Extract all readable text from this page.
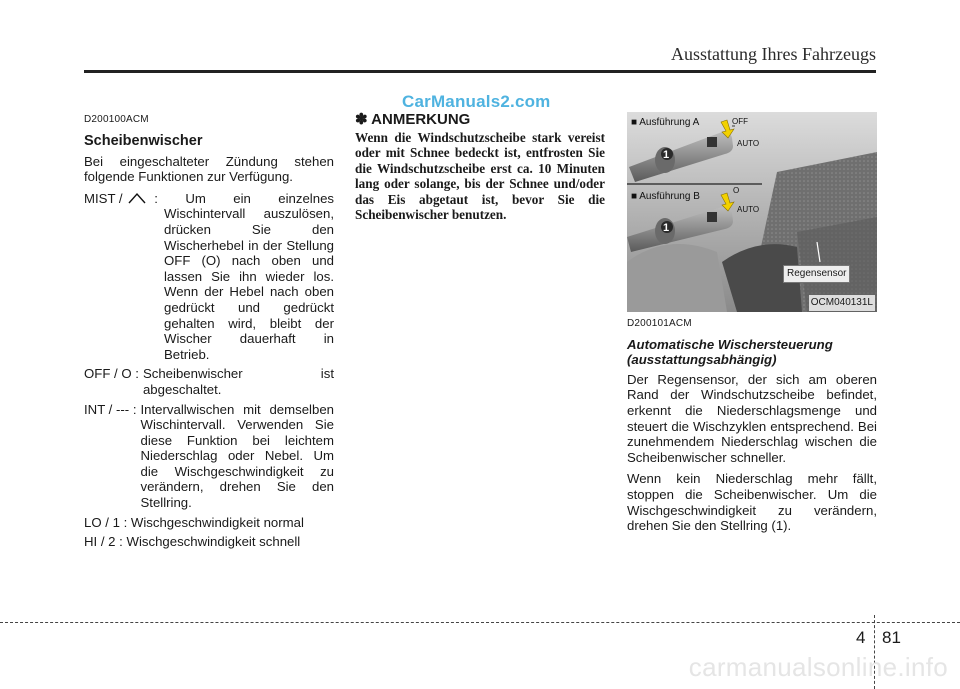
Ausstattung Ihres Fahrzeugs
CarManuals2.com
D200100ACM
Scheibenwischer

Bei eingeschalteter Zündung stehen folgende Funktionen zur Verfügung.

MIST /	: Um ein einzelnes
Wischintervall auszulösen, drücken Sie den Wischerhebel in der Stellung OFF (O) nach oben und lassen Sie ihn wieder los. Wenn der Hebel nach oben gedrückt und gedrückt gehalten wird, bleibt der Wischer dauerhaft in Betrieb.
OFF / O : Scheibenwischer ist abgeschaltet.
INT / --- : Intervallwischen mit demselben Wischintervall. Verwenden Sie diese Funktion bei leichtem Niederschlag oder Nebel. Um die Wischgeschwindigkeit zu verändern, drehen Sie den Stellring.
LO / 1 : Wischgeschwindigkeit normal
HI / 2 : Wischgeschwindigkeit schnell
✽ ANMERKUNG

Wenn die Windschutzscheibe stark vereist oder mit Schnee bedeckt ist, entfrosten Sie die Windschutzscheibe erst ca. 10 Minuten lang oder solange, bis der Schnee und/oder das Eis abgetaut ist, bevor Sie die Scheibenwischer benutzen.

■ Ausführung A	OFF
AUTO
■ Ausführung B
O
AUTO
1
1
Regensensor
OCM040131L
D200101ACM
Automatische Wischersteuerung (ausstattungsabhängig)

Der Regensensor, der sich am oberen Rand der Windschutzscheibe befindet, erkennt die Niederschlagsmenge und steuert die Wischzyklen entsprechend. Bei zunehmendem Niederschlag wischen die Scheibenwischer schneller.

Wenn kein Niederschlag mehr fällt, stoppen die Scheibenwischer. Um die Wischgeschwindigkeit zu verändern, drehen Sie den Stellring (1).

4 81
carmanualsonline.info
